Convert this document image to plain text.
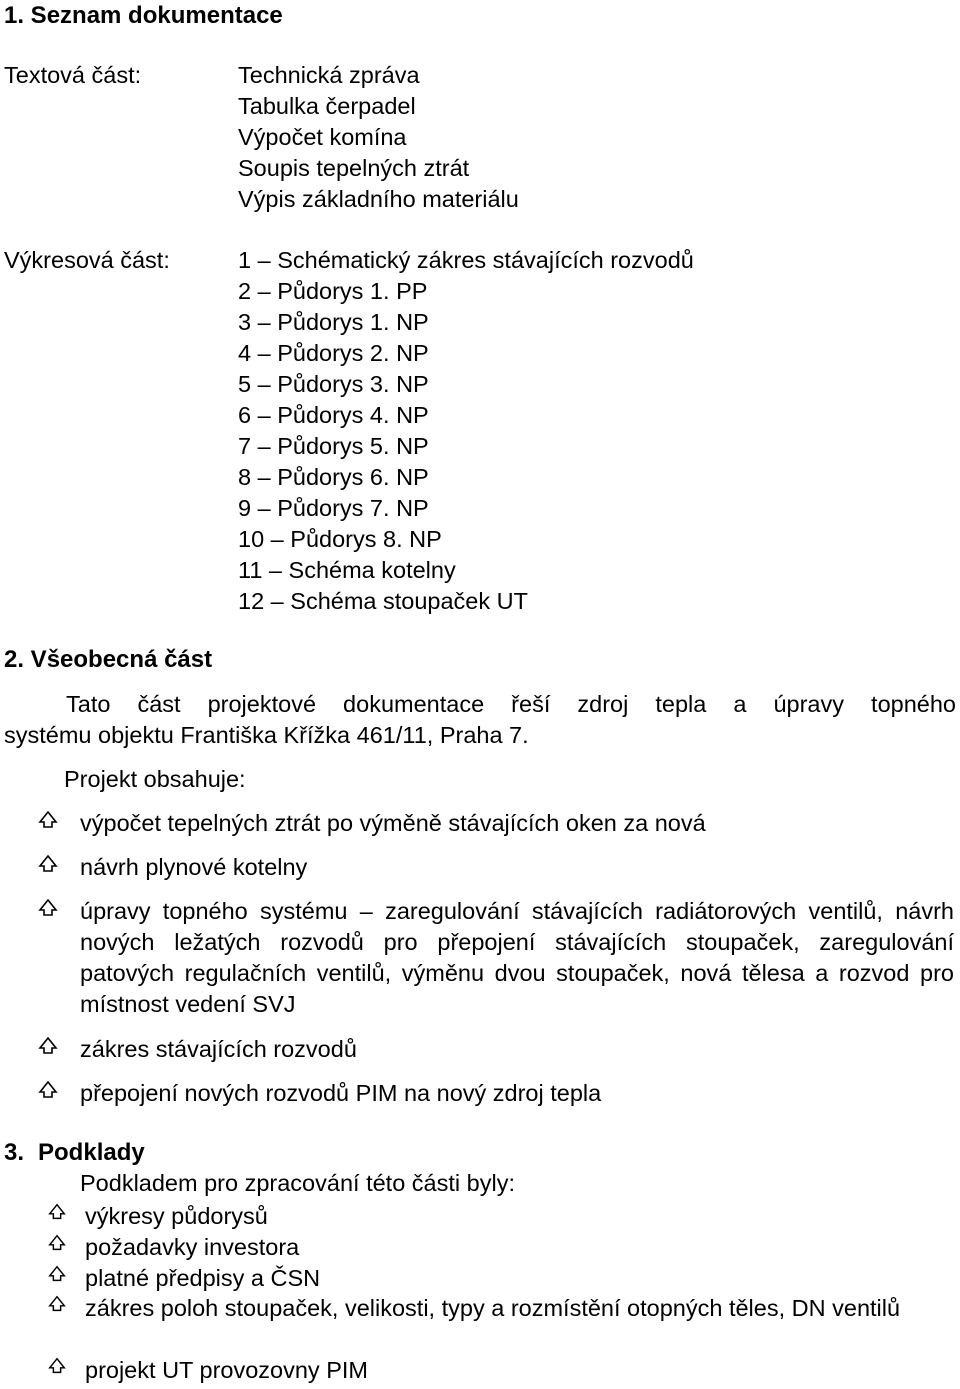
1. Seznam dokumentace
Textová část:	Technická zpráva
Tabulka čerpadel
Výpočet komína
Soupis tepelných ztrát
Výpis základního materiálu
Výkresová část:	1 – Schématický zákres stávajících rozvodů
2 – Půdorys 1. PP
3 – Půdorys 1. NP
4 – Půdorys 2. NP
5 – Půdorys 3. NP
6 – Půdorys 4. NP
7 – Půdorys 5. NP
8 – Půdorys 6. NP
9 – Půdorys 7. NP
10 – Půdorys 8. NP
11 – Schéma kotelny
12 – Schéma stoupaček UT
2. Všeobecná část
Tato část projektové dokumentace řeší zdroj tepla a úpravy topného
systému objektu Františka Křížka 461/11, Praha 7.
Projekt obsahuje:
výpočet tepelných ztrát po výměně stávajících oken za nová
návrh plynové kotelny
úpravy topného systému – zaregulování stávajících radiátorových ventilů, návrh nových ležatých rozvodů pro přepojení stávajících stoupaček, zaregulování patových regulačních ventilů, výměnu dvou stoupaček, nová tělesa a rozvod pro místnost vedení SVJ
zákres stávajících rozvodů
přepojení nových rozvodů PIM na nový zdroj tepla
3. Podklady
Podkladem pro zpracování této části byly:
výkresy půdorysů
požadavky investora
platné předpisy a ČSN
zákres poloh stoupaček, velikosti, typy a rozmístění otopných těles, DN ventilů
projekt UT provozovny PIM
